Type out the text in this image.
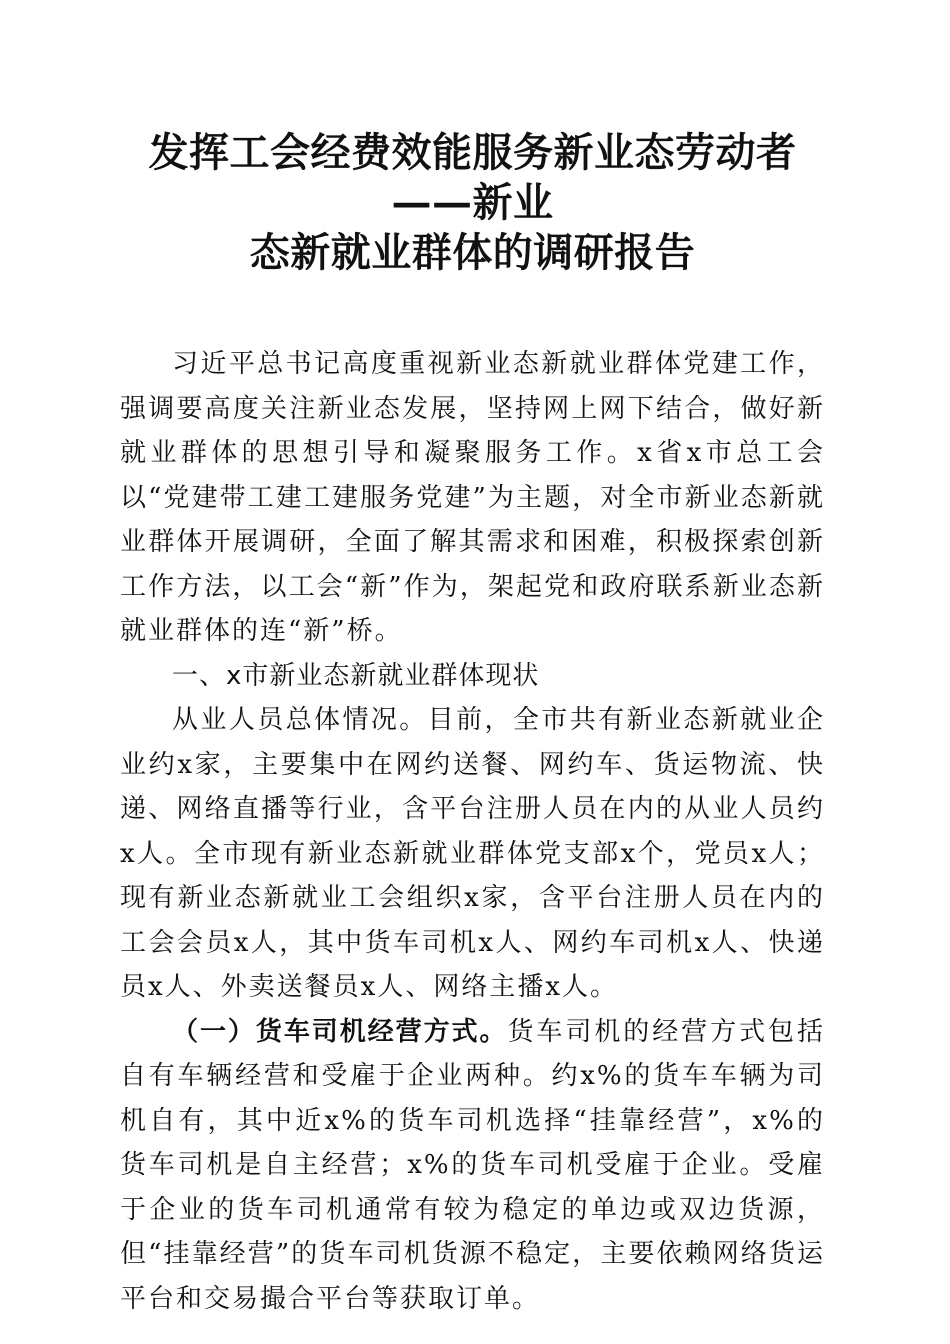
发挥工会经费效能服务新业态劳动者——新业
态新就业群体的调研报告

习近平总书记高度重视新业态新就业群体党建工作，强调要高度关注新业态发展，坚持网上网下结合，做好新就业群体的思想引导和凝聚服务工作。x省x市总工会以“党建带工建工建服务党建”为主题，对全市新业态新就业群体开展调研，全面了解其需求和困难，积极探索创新工作方法，以工会“新”作为，架起党和政府联系新业态新就业群体的连“新”桥。

一、x市新业态新就业群体现状

从业人员总体情况。目前，全市共有新业态新就业企业约x家，主要集中在网约送餐、网约车、货运物流、快递、网络直播等行业，含平台注册人员在内的从业人员约x人。全市现有新业态新就业群体党支部x个，党员x人；现有新业态新就业工会组织x家，含平台注册人员在内的工会会员x人，其中货车司机x人、网约车司机x人、快递员x人、外卖送餐员x人、网络主播x人。

（一）货车司机经营方式。货车司机的经营方式包括自有车辆经营和受雇于企业两种。约x%的货车车辆为司机自有，其中近x%的货车司机选择“挂靠经营”，x%的货车司机是自主经营；x%的货车司机受雇于企业。受雇于企业的货车司机通常有较为稳定的单边或双边货源，但“挂靠经营”的货车司机货源不稳定，主要依赖网络货运平台和交易撮合平台等获取订单。
